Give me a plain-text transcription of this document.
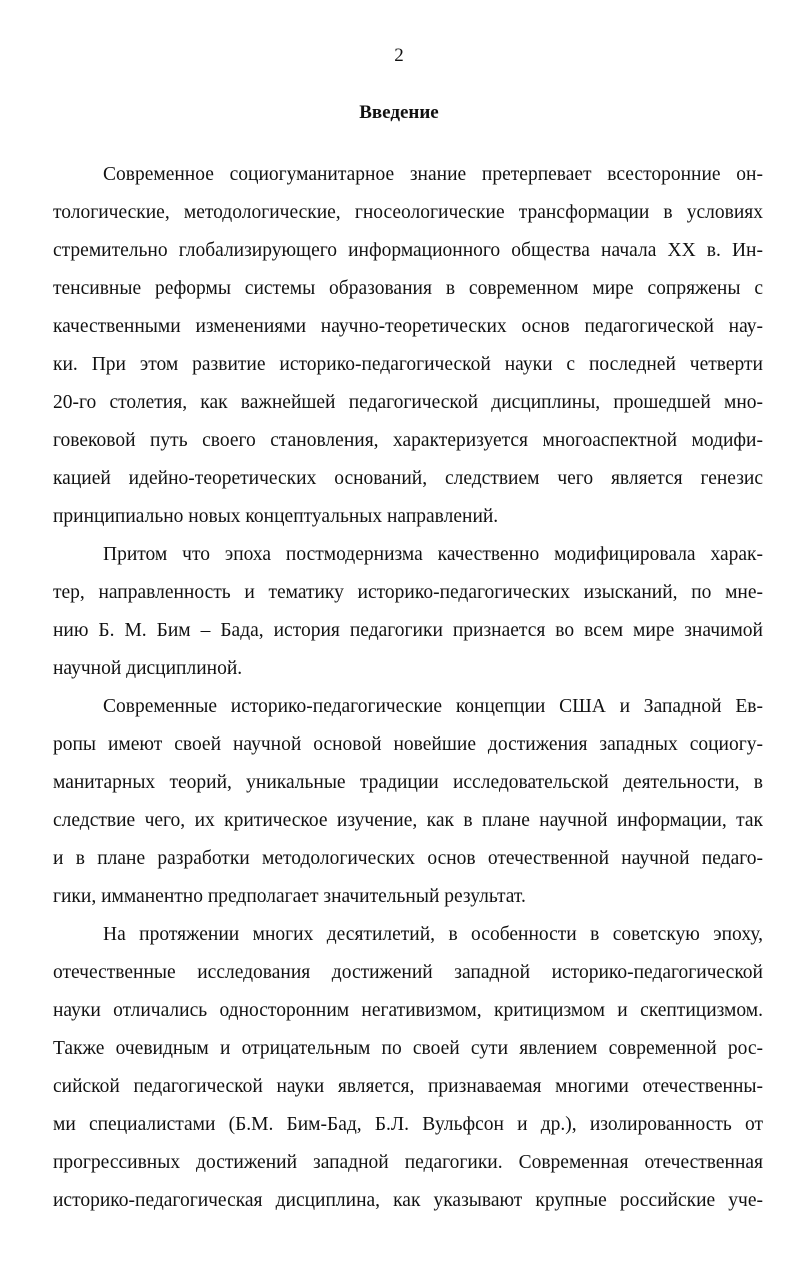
2
Введение
Современное социогуманитарное знание претерпевает всесторонние он-
тологические, методологические, гносеологические трансформации в условиях
стремительно глобализирующего информационного общества начала XX в. Ин-
тенсивные реформы системы образования в современном мире сопряжены с
качественными изменениями научно-теоретических основ педагогической нау-
ки. При этом развитие историко-педагогической науки с последней четверти
20-го столетия, как важнейшей педагогической дисциплины, прошедшей мно-
говековой путь своего становления, характеризуется многоаспектной модифи-
кацией идейно-теоретических оснований, следствием чего является генезис
принципиально новых концептуальных направлений.
Притом что эпоха постмодернизма качественно модифицировала харак-
тер, направленность и тематику историко-педагогических изысканий, по мне-
нию Б. М. Бим – Бада, история педагогики признается во всем мире значимой
научной дисциплиной.
Современные историко-педагогические концепции США и Западной Ев-
ропы имеют своей научной основой новейшие достижения западных социогу-
манитарных теорий, уникальные традиции исследовательской деятельности, в
следствие чего, их критическое изучение, как в плане научной информации, так
и в плане разработки методологических основ отечественной научной педаго-
гики, имманентно предполагает значительный результат.
На протяжении многих десятилетий, в особенности в советскую эпоху,
отечественные исследования достижений западной историко-педагогической
науки отличались односторонним негативизмом, критицизмом и скептицизмом.
Также очевидным и отрицательным по своей сути явлением современной рос-
сийской педагогической науки является, признаваемая многими отечественны-
ми специалистами (Б.М. Бим-Бад, Б.Л. Вульфсон и др.), изолированность от
прогрессивных достижений западной педагогики. Современная отечественная
историко-педагогическая дисциплина, как указывают крупные российские уче-
